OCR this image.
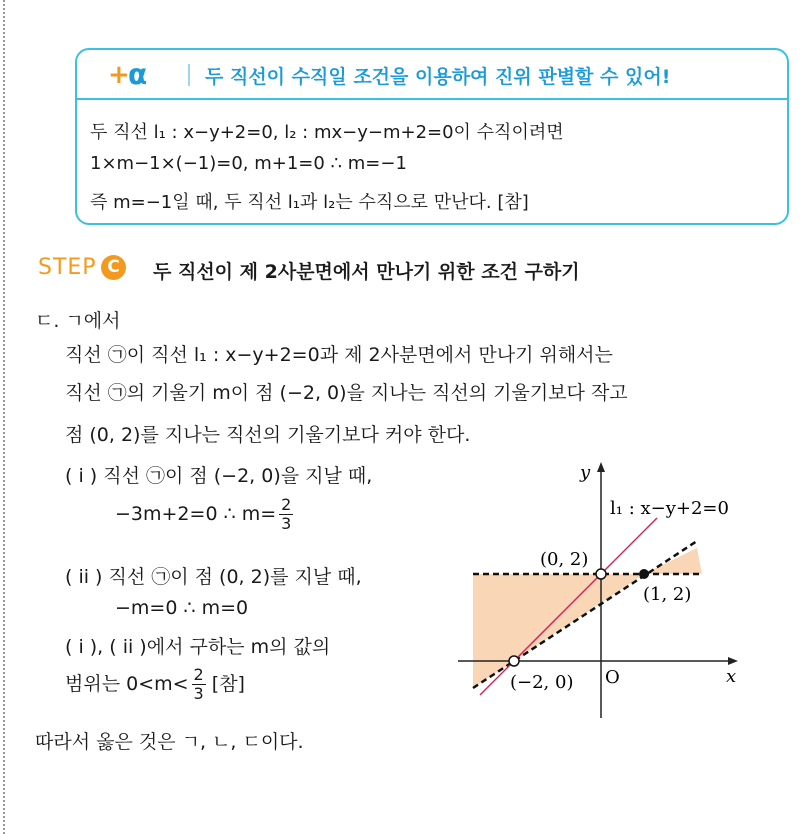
+
α	두 직선이 수직일 조건을 이용하여 진위 판별할 수 있어!
두 직선 l₁ : x−y+2=0, l₂ : mx−y−m+2=0이 수직이려면
1×m−1×(−1)=0, m+1=0 ∴ m=−1
즉 m=−1일 때, 두 직선 l₁과 l₂는 수직으로 만난다. [참]
STEP C	두 직선이 제 2사분면에서 만나기 위한 조건 구하기
ㄷ. ㄱ에서
직선 ㉠이 직선 l₁ : x−y+2=0과 제 2사분면에서 만나기 위해서는
직선 ㉠의 기울기 m이 점 (−2, 0)을 지나는 직선의 기울기보다 작고
점 (0, 2)를 지나는 직선의 기울기보다 커야 한다.
( i ) 직선 ㉠이 점 (−2, 0)을 지날 때,
−3m+2=0 ∴ $m= \frac{2}{3}$
( ii ) 직선 ㉠이 점 (0, 2)를 지날 때,
−m=0 ∴ m=0
( i ), ( ii )에서 구하는 m의 값의
범위는 $0<m< \frac{2}{3}$ [참]
따라서 옳은 것은 ㄱ, ㄴ, ㄷ이다.
y
x
O
l₁ : x−y+2=0
(0, 2)
(1, 2)
(−2, 0)
